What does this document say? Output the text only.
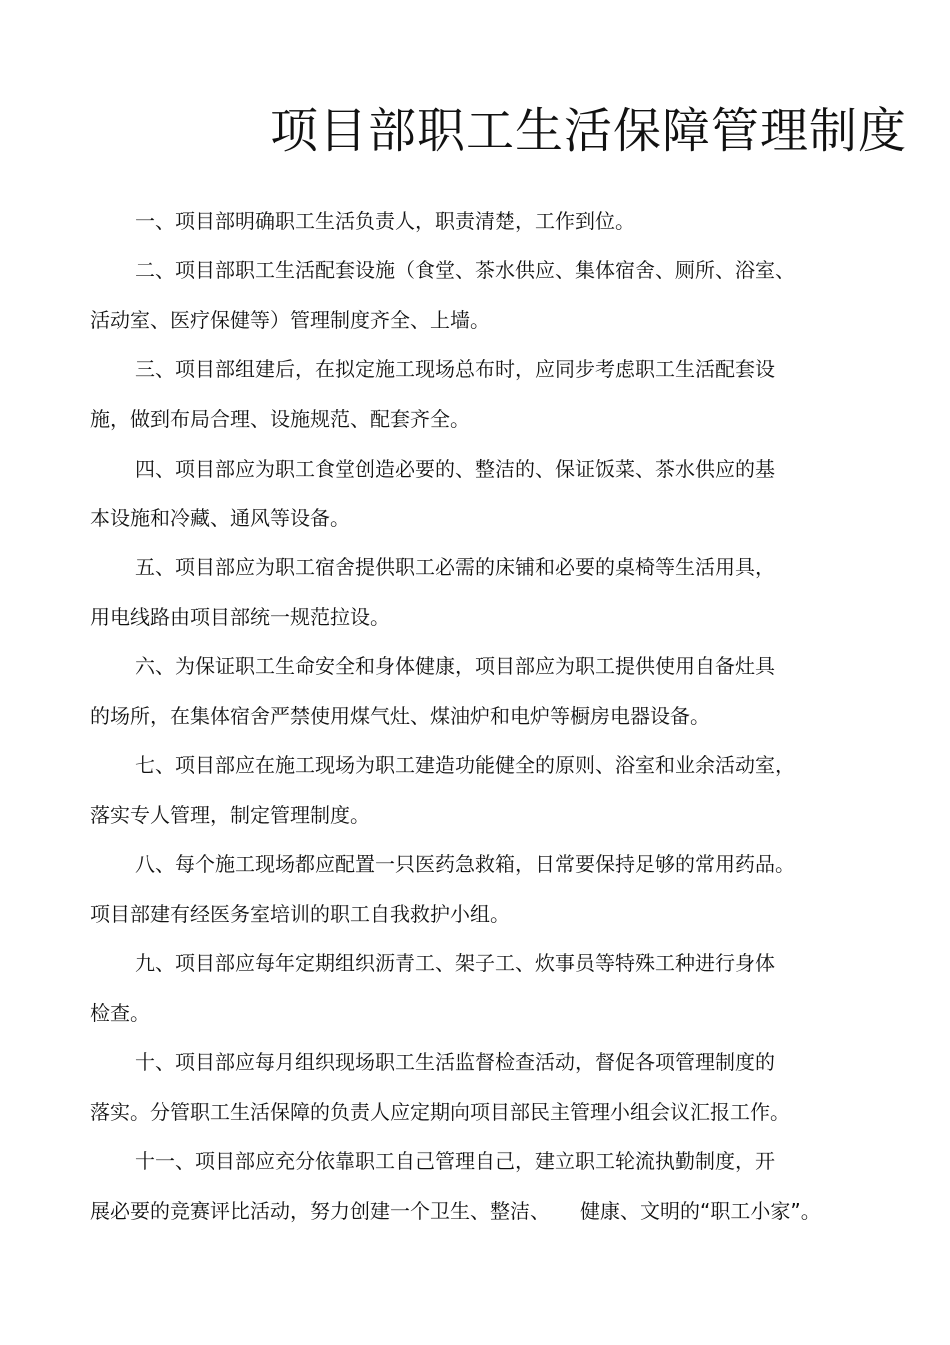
项目部职工生活保障管理制度

一、项目部明确职工生活负责人，职责清楚，工作到位。

二、项目部职工生活配套设施（食堂、茶水供应、集体宿舍、厕所、浴室、

活动室、医疗保健等）管理制度齐全、上墙。

三、项目部组建后，在拟定施工现场总布时，应同步考虑职工生活配套设

施，做到布局合理、设施规范、配套齐全。

四、项目部应为职工食堂创造必要的、整洁的、保证饭菜、茶水供应的基

本设施和冷藏、通风等设备。

五、项目部应为职工宿舍提供职工必需的床铺和必要的桌椅等生活用具，

用电线路由项目部统一规范拉设。

六、为保证职工生命安全和身体健康，项目部应为职工提供使用自备灶具

的场所，在集体宿舍严禁使用煤气灶、煤油炉和电炉等橱房电器设备。

七、项目部应在施工现场为职工建造功能健全的原则、浴室和业余活动室，

落实专人管理，制定管理制度。

八、每个施工现场都应配置一只医药急救箱，日常要保持足够的常用药品。

项目部建有经医务室培训的职工自我救护小组。

九、项目部应每年定期组织沥青工、架子工、炊事员等特殊工种进行身体

检查。

十、项目部应每月组织现场职工生活监督检查活动，督促各项管理制度的

落实。分管职工生活保障的负责人应定期向项目部民主管理小组会议汇报工作。

十一、项目部应充分依靠职工自己管理自己，建立职工轮流执勤制度，开

展必要的竞赛评比活动，努力创建一个卫生、整洁、　　健康、文明的“职工小家”。
